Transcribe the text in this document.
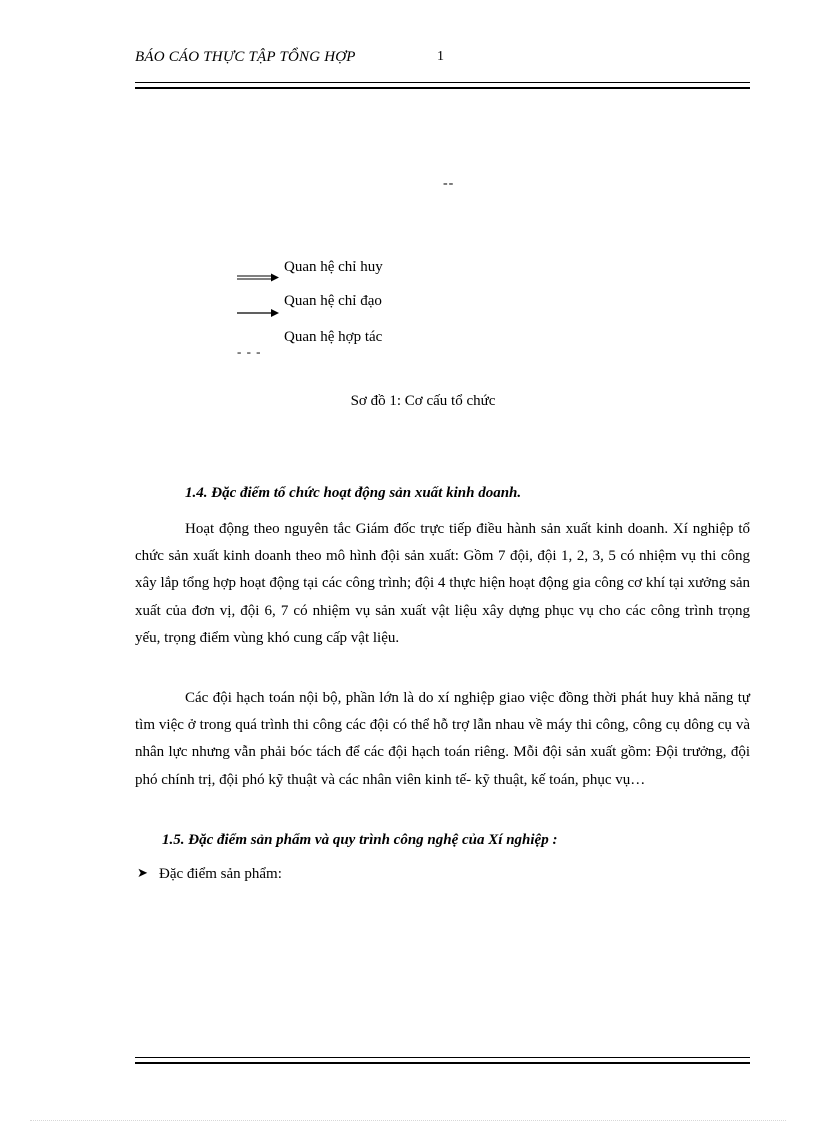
BÁO CÁO THỰC TẬP TỔNG HỢP	1
--
Quan hệ chỉ huy
Quan hệ chỉ đạo
- - -
Quan hệ hợp tác
Sơ đồ 1: Cơ cấu tổ chức
1.4. Đặc điểm tổ chức hoạt động sản xuất kinh doanh.

Hoạt động theo nguyên tắc Giám đốc trực tiếp điều hành sản xuất kinh doanh. Xí nghiệp tổ chức sản xuất kinh doanh theo mô hình đội sản xuất: Gồm 7 đội, đội 1, 2, 3, 5 có nhiệm vụ thi công xây lắp tổng hợp hoạt động tại các công trình; đội 4 thực hiện hoạt động gia công cơ khí tại xưởng sản xuất của đơn vị, đội 6, 7 có nhiệm vụ sản xuất vật liệu xây dựng phục vụ cho các công trình trọng yếu, trọng điểm vùng khó cung cấp vật liệu.

Các đội hạch toán nội bộ, phần lớn là do xí nghiệp giao việc đồng thời phát huy khả năng tự tìm việc ở trong quá trình thi công các đội có thể hỗ trợ lẫn nhau về máy thi công, công cụ dông cụ và nhân lực nhưng vẫn phải bóc tách để các đội hạch toán riêng. Mỗi đội sản xuất gồm: Đội trưởng, đội phó chính trị, đội phó kỹ thuật và các nhân viên kinh tế- kỹ thuật, kế toán, phục vụ…

1.5. Đặc điểm sản phẩm và quy trình công nghệ của Xí nghiệp :
➤ Đặc điểm sản phẩm:
